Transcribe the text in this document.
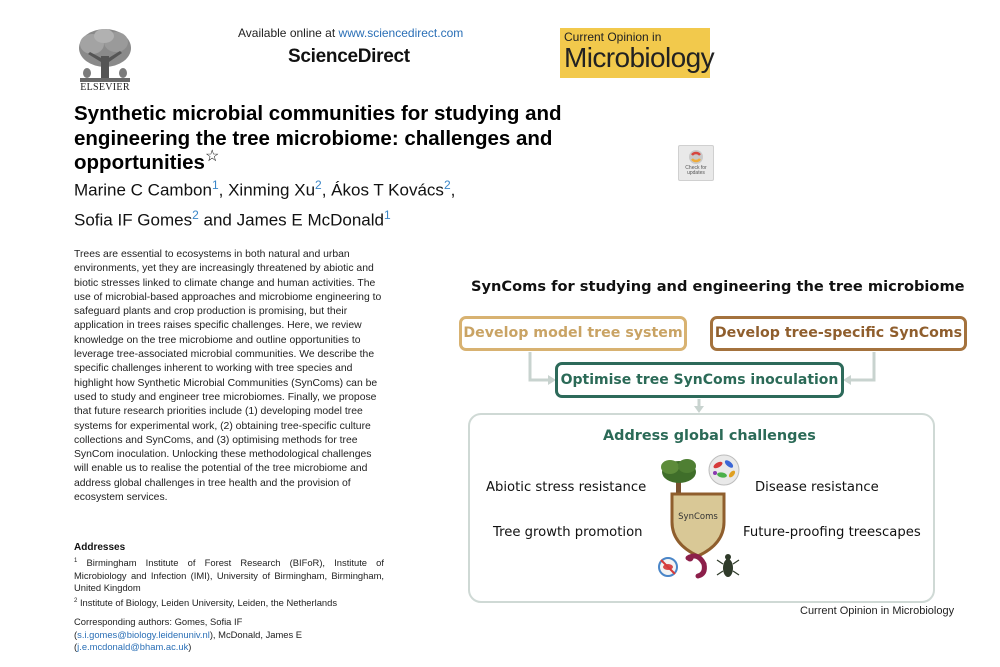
ELSEVIER
Available online at www.sciencedirect.com
ScienceDirect
Current Opinion in
Microbiology
Synthetic microbial communities for studying and engineering the tree microbiome: challenges and opportunities☆
Check for updates
Marine C Cambon$^1$, Xinming Xu$^2$, Ákos T Kovács$^2$,
Sofia IF Gomes$^2$ and James E McDonald$^1$

Trees are essential to ecosystems in both natural and urban environments, yet they are increasingly threatened by abiotic and biotic stresses linked to climate change and human activities. The use of microbial-based approaches and microbiome engineering to safeguard plants and crop production is promising, but their application in trees raises specific challenges. Here, we review knowledge on the tree microbiome and outline opportunities to leverage tree-associated microbial communities. We describe the specific challenges inherent to working with tree species and highlight how Synthetic Microbial Communities (SynComs) can be used to study and engineer tree microbiomes. Finally, we propose that future research priorities include (1) developing model tree systems for experimental work, (2) obtaining tree-specific culture collections and SynComs, and (3) optimising methods for tree SynCom inoculation. Unlocking these methodological challenges will enable us to realise the potential of the tree microbiome and address global challenges in tree health and the provision of ecosystem services.

Addresses

$^1$ Birmingham Institute of Forest Research (BIFoR), Institute of Microbiology and Infection (IMI), University of Birmingham, Birmingham, United Kingdom

$^2$ Institute of Biology, Leiden University, Leiden, the Netherlands

Corresponding authors: Gomes, Sofia IF
(s.i.gomes@biology.leidenuniv.nl), McDonald, James E
(j.e.mcdonald@bham.ac.uk)

SynComs for studying and engineering the tree microbiome
Develop model tree system	Develop tree-specific SynComs
Optimise tree SynComs inoculation
Address global challenges
Abiotic stress resistance	Disease resistance
Tree growth promotion	Future-proofing treescapes
SynComs
Current Opinion in Microbiology
